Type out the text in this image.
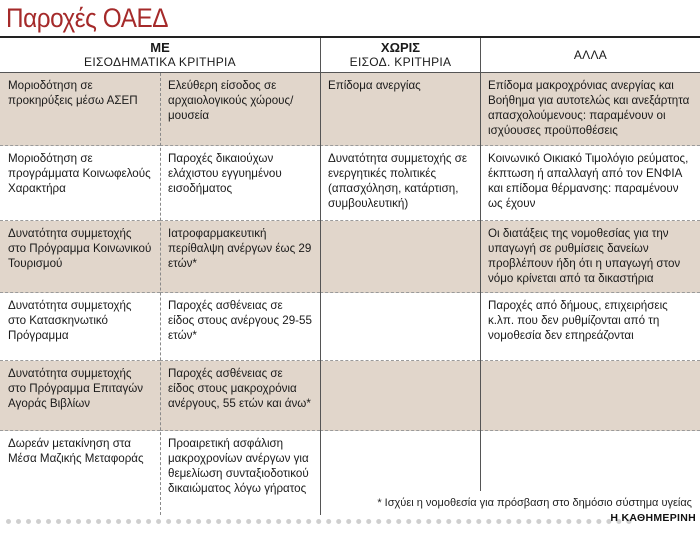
Παροχές ΟΑΕΔ
ΜΕ
ΕΙΣΟΔΗΜΑΤΙΚΑ ΚΡΙΤΗΡΙΑ
ΧΩΡΙΣ
ΕΙΣΟΔ. ΚΡΙΤΗΡΙΑ	ΑΛΛΑ
Μοριοδότηση σε προκηρύξεις μέσω ΑΣΕΠ
Ελεύθερη είσοδος σε αρχαιολογικούς χώρους/ μουσεία
Επίδομα ανεργίας	Επίδομα μακροχρόνιας ανεργίας και Βοήθημα για αυτοτελώς και ανεξάρτητα απασχολούμενους: παραμένουν οι ισχύουσες προϋποθέσεις
Μοριοδότηση σε προγράμματα Κοινωφελούς Χαρακτήρα
Παροχές δικαιούχων ελάχιστου εγγυημένου εισοδήματος
Δυνατότητα συμμετοχής σε ενεργητικές πολιτικές (απασχόληση, κατάρτιση, συμβουλευτική)
Κοινωνικό Οικιακό Τιμολόγιο ρεύματος, έκπτωση ή απαλλαγή από τον ΕΝΦΙΑ και επίδομα θέρμανσης: παραμένουν ως έχουν
Δυνατότητα συμμετοχής στο Πρόγραμμα Κοινωνικού Τουρισμού
Ιατροφαρμακευτική περίθαλψη ανέργων έως 29 ετών*
Οι διατάξεις της νομοθεσίας για την υπαγωγή σε ρυθμίσεις δανείων προβλέπουν ήδη ότι η υπαγωγή στον νόμο κρίνεται από τα δικαστήρια
Δυνατότητα συμμετοχής στο Κατασκηνωτικό Πρόγραμμα
Παροχές ασθένειας σε είδος στους ανέργους 29-55 ετών*
Παροχές από δήμους, επιχειρήσεις κ.λπ. που δεν ρυθμίζονται από τη νομοθεσία δεν επηρεάζονται
Δυνατότητα συμμετοχής στο Πρόγραμμα Επιταγών Αγοράς Βιβλίων
Παροχές ασθένειας σε είδος στους μακροχρόνια ανέργους, 55 ετών και άνω*
Δωρεάν μετακίνηση στα Μέσα Μαζικής Μεταφοράς
Προαιρετική ασφάλιση μακροχρονίων ανέργων για θεμελίωση συνταξιοδοτικού δικαιώματος λόγω γήρατος
* Ισχύει η νομοθεσία για πρόσβαση στο δημόσιο σύστημα υγείας
Η ΚΑΘΗΜΕΡΙΝΗ
